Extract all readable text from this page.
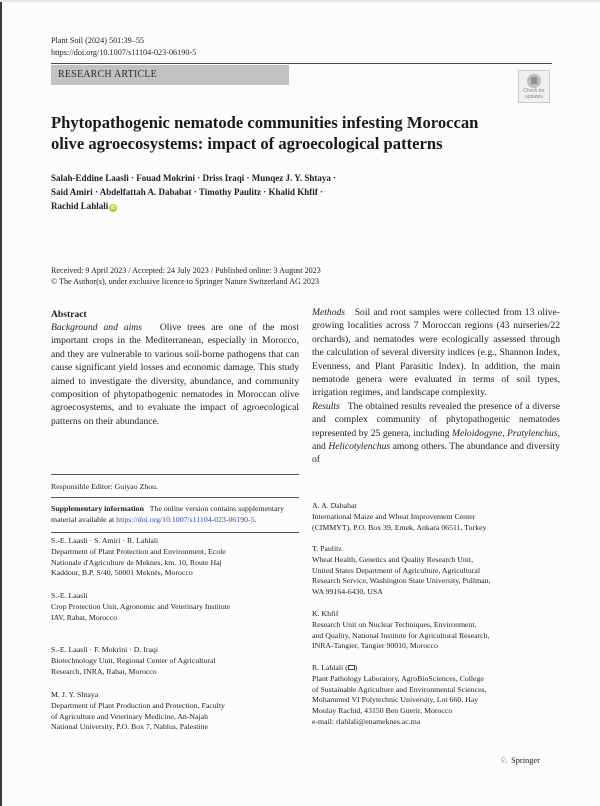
Plant Soil (2024) 501:39–55
https://doi.org/10.1007/s11104-023-06190-5
RESEARCH ARTICLE
Check for
updates
Phytopathogenic nematode communities infesting Moroccan
olive agroecosystems: impact of agroecological patterns
Salah-Eddine Laasli · Fouad Mokrini · Driss Iraqi · Munqez J. Y. Shtaya ·
Said Amiri · Abdelfattah A. Dababat · Timothy Paulitz · Khalid Khfif ·
Rachid Lahlali iD
Received: 9 April 2023 / Accepted: 24 July 2023 / Published online: 3 August 2023
© The Author(s), under exclusive licence to Springer Nature Switzerland AG 2023
Abstract
Background and aims Olive trees are one of the most important crops in the Mediterranean, especially in Morocco, and they are vulnerable to various soil-borne pathogens that can cause significant yield losses and economic damage. This study aimed to investigate the diversity, abundance, and community composition of phytopathogenic nematodes in Moroccan olive agroecosystems, and to evaluate the impact of agroecological patterns on their abundance.
Responsible Editor: Guiyao Zhou.
Supplementary information The online version contains supplementary material available at https://doi.org/10.1007/s11104-023-06190-5.
S.-E. Laasli · S. Amiri · R. Lahlali
Department of Plant Protection and Environment, Ecole
Nationale d'Agriculture de Meknes, km. 10, Route Haj
Kaddour, B.P. S/40, 50001 Meknès, Morocco
S.-E. Laasli
Crop Protection Unit, Agronomic and Veterinary Institute
IAV, Rabat, Morocco
S.-E. Laasli · F. Mokrini · D. Iraqi
Biotechnology Unit, Regional Center of Agricultural
Research, INRA, Rabat, Morocco
M. J. Y. Shtaya
Department of Plant Production and Protection, Faculty
of Agriculture and Veterinary Medicine, An-Najah
National University, P.O. Box 7, Nablus, Palestine
Methods Soil and root samples were collected from 13 olive-growing localities across 7 Moroccan regions (43 nurseries/22 orchards), and nematodes were ecologically assessed through the calculation of several diversity indices (e.g., Shannon Index, Evenness, and Plant Parasitic Index). In addition, the main nematode genera were evaluated in terms of soil types, irrigation regimes, and landscape complexity.
Results The obtained results revealed the presence of a diverse and complex community of phytopathogenic nematodes represented by 25 genera, including Meloidogyne, Pratylenchus, and Helicotylenchus among others. The abundance and diversity of
A. A. Dababat
International Maize and Wheat Improvement Center
(CIMMYT), P.O. Box 39, Emek, Ankara 06511, Turkey
T. Paulitz
Wheat Health, Genetics and Quality Research Unit,
United States Department of Agriculture, Agricultural
Research Service, Washington State University, Pullman,
WA 99164-6430, USA
K. Khfif
Research Unit on Nuclear Techniques, Environment,
and Quality, National Institute for Agricultural Research,
INRA-Tangier, Tangier 90010, Morocco
R. Lahlali ( )
Plant Pathology Laboratory, AgroBioSciences, College
of Sustainable Agriculture and Environmental Sciences,
Mohammed VI Polytechnic University, Lot 660, Hay
Moulay Rachid, 43150 Ben Guerir, Morocco
e-mail: rlahlali@enameknes.ac.ma
♘ Springer
